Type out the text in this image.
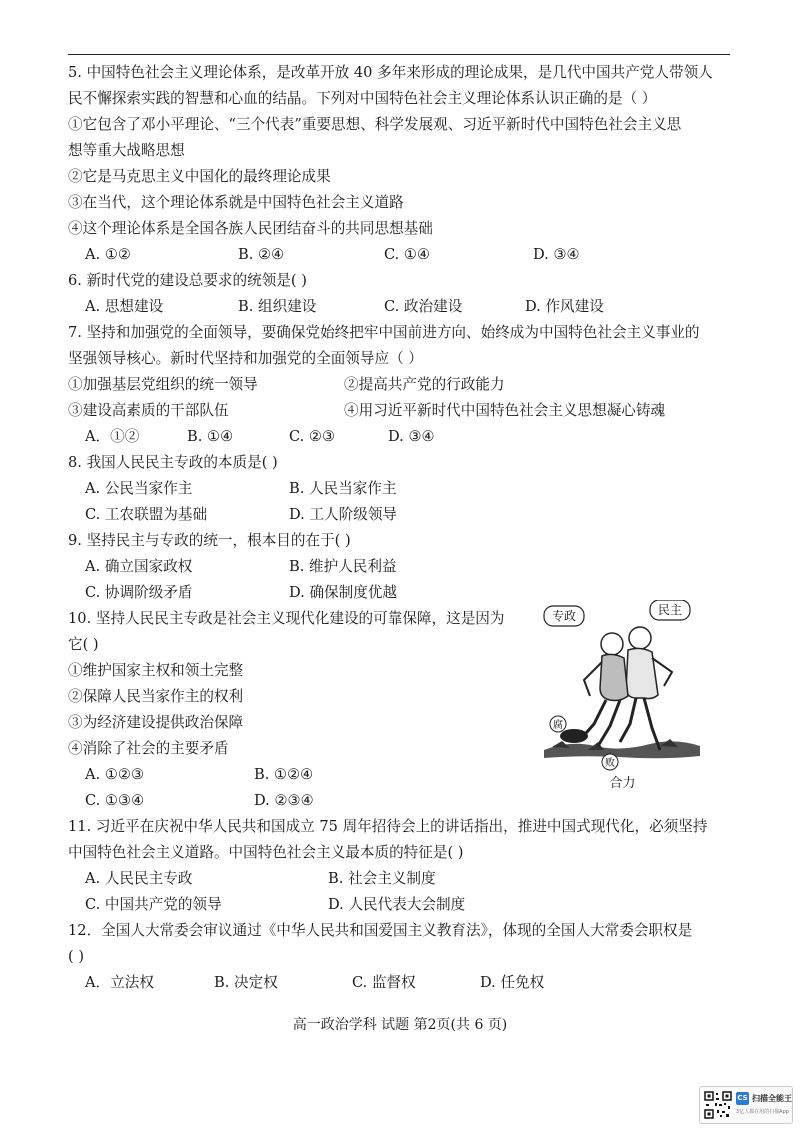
5. 中国特色社会主义理论体系，是改革开放 40 多年来形成的理论成果，是几代中国共产党人带领人
民不懈探索实践的智慧和心血的结晶。下列对中国特色社会主义理论体系认识正确的是（ ）
①它包含了邓小平理论、“三个代表”重要思想、科学发展观、习近平新时代中国特色社会主义思
想等重大战略思想
②它是马克思主义中国化的最终理论成果
③在当代，这个理论体系就是中国特色社会主义道路
④这个理论体系是全国各族人民团结奋斗的共同思想基础
A. ①②	B. ②④	C. ①④	D. ③④
6. 新时代党的建设总要求的统领是( )
A. 思想建设	B. 组织建设	C. 政治建设	D. 作风建设
7. 坚持和加强党的全面领导，要确保党始终把牢中国前进方向、始终成为中国特色社会主义事业的
坚强领导核心。新时代坚持和加强党的全面领导应（ ）
①加强基层党组织的统一领导	②提高共产党的行政能力
③建设高素质的干部队伍	④用习近平新时代中国特色社会主义思想凝心铸魂
A．①②	B. ①④	C. ②③	D. ③④
8. 我国人民民主专政的本质是( )
A. 公民当家作主	B. 人民当家作主
C. 工农联盟为基础	D. 工人阶级领导
9. 坚持民主与专政的统一，根本目的在于( )
A. 确立国家政权	B. 维护人民利益
C. 协调阶级矛盾	D. 确保制度优越
10. 坚持人民民主专政是社会主义现代化建设的可靠保障，这是因为
它( )
①维护国家主权和领土完整
②保障人民当家作主的权利
③为经济建设提供政治保障
④消除了社会的主要矛盾
A. ①②③	B. ①②④
C. ①③④	D. ②③④
11. 习近平在庆祝中华人民共和国成立 75 周年招待会上的讲话指出，推进中国式现代化，必须坚持
中国特色社会主义道路。中国特色社会主义最本质的特征是( )
A. 人民民主专政	B. 社会主义制度
C. 中国共产党的领导	D. 人民代表大会制度
12．全国人大常委会审议通过《中华人民共和国爱国主义教育法》，体现的全国人大常委会职权是
( )
A．立法权	B. 决定权	C. 监督权	D. 任免权
专政	民主
腐
败
合力
高一政治学科 试题 第2页(共 6 页)
CS 扫描全能王
3亿人都在用的扫描App
